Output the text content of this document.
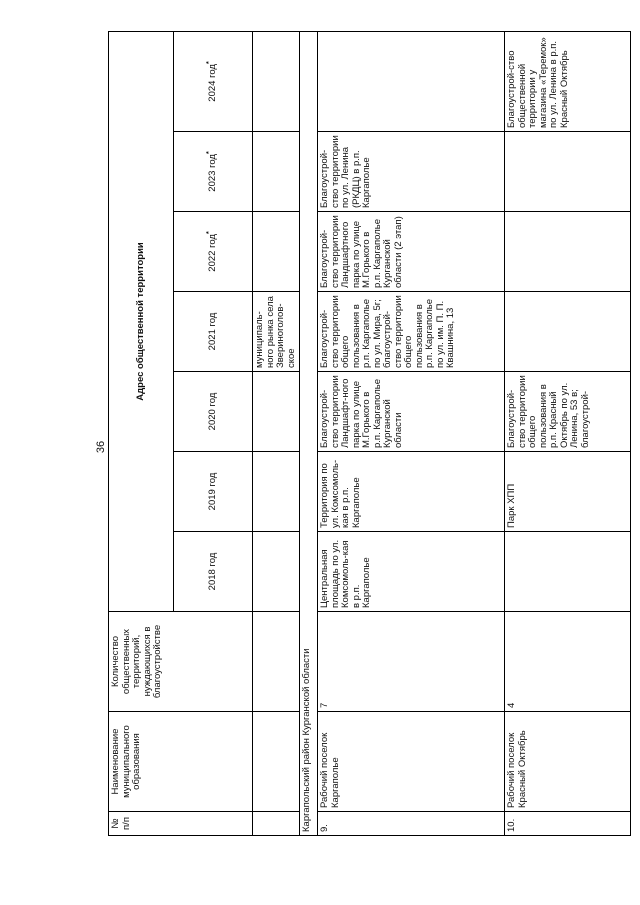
36
№ п/п	Наименование муниципального образования	Количество общественных территорий, нуждающихся в благоустройстве	Адрес общественной территории						
			2018 год	2019 год	2020 год	2021 год	2022 год*	2023 год*	2024 год*
						муниципаль-ного рынка села Звериноголов-ское			
Каргапольский район Курганской области									
9.	Рабочий поселок Каргаполье	7	Центральная площадь по ул. Комсомоль-кая в р.п. Каргаполье	Территория по ул. Комсомоль-кая в р.п. Каргаполье	Благоустрой-ство территории Ландшафт-ного парка по улице М.Горького в р.п. Каргаполье Курганской области	Благоустрой-ство территории общего пользования в р.п. Каргаполье по ул. Мира, 5г; благоустрой-ство территории общего пользования в р.п. Каргаполье по ул. им. П. П. Квашнина, 13	Благоустрой-ство территории Ландшафтного парка по улице М.Горького в р.п. Каргаполье Курганской области (2 этап)	Благоустрой-ство территории по ул. Ленина (РКДЦ) в р.п. Каргаполье	
10.	Рабочий поселок Красный Октябрь	4		Парк ХПП	Благоустрой-ство территории общего пользования в р.п. Красный Октябрь по ул. Ленина, 53 в; благоустрой-				Благоустрой-ство общественной территории у магазина «Теремок» по ул. Ленина в р.п. Красный Октябрь
